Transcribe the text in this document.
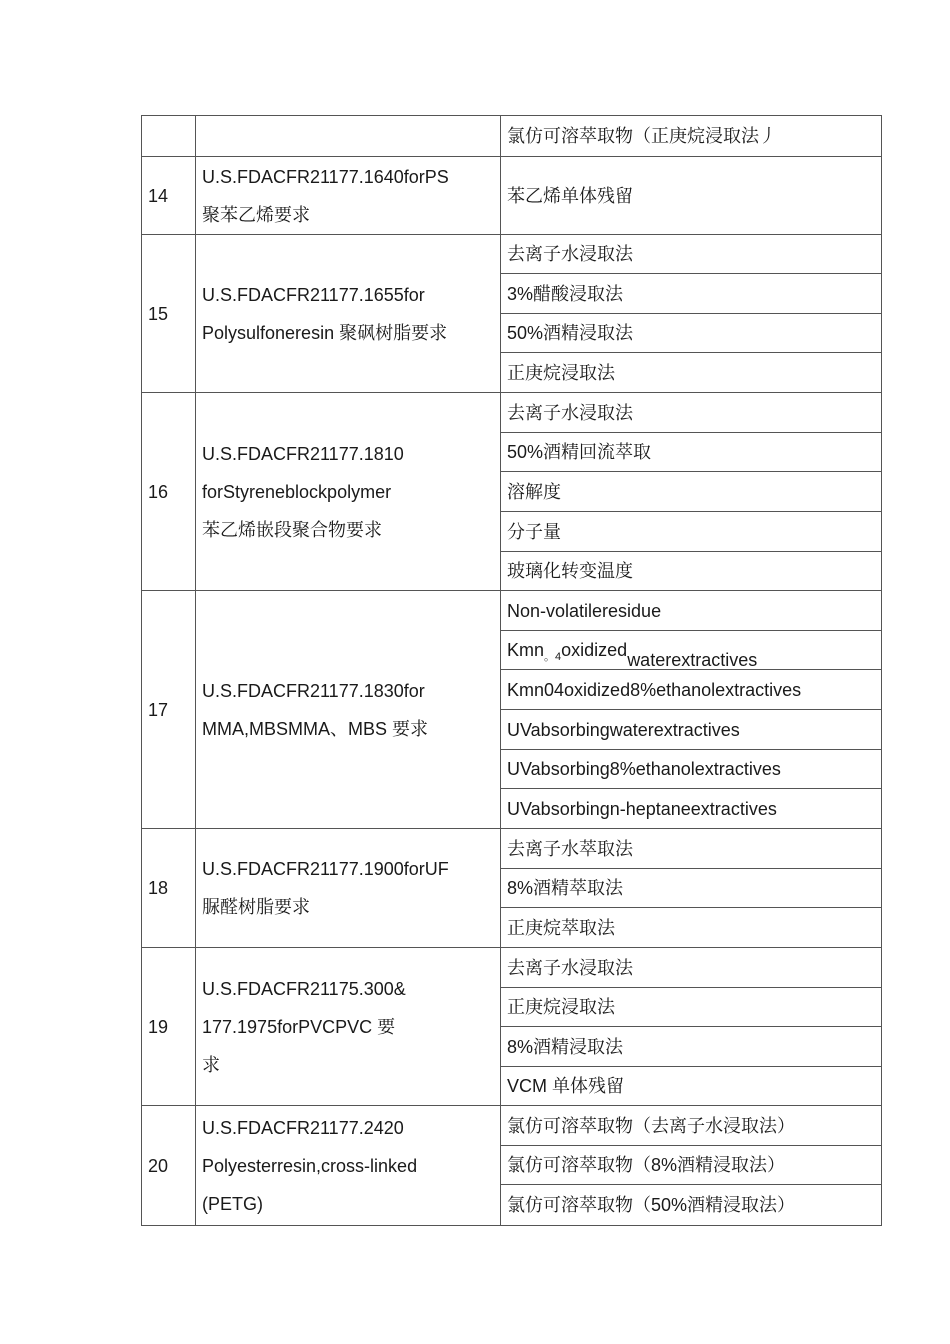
	氯仿可溶萃取物（正庚烷浸取法丿
14	U.S.FDACFR21177.1640forPS
聚苯乙烯要求	苯乙烯单体残留
15	U.S.FDACFR21177.1655for
Polysulfoneresin 聚砜树脂要求	去离子水浸取法
		3%醋酸浸取法
		50%酒精浸取法
		正庚烷浸取法
16	U.S.FDACFR21177.1810
forStyreneblockpolymer
苯乙烯嵌段聚合物要求	去离子水浸取法
		50%酒精回流萃取
		溶解度
		分子量
		玻璃化转变温度
17	U.S.FDACFR21177.1830for
MMA,MBSMMA、MBS 要求	Non-volatileresidue
		Kmn$_{。4}$oxidizedwaterextractives
		Kmn04oxidized8%ethanolextractives
		UVabsorbingwaterextractives
		UVabsorbing8%ethanolextractives
		UVabsorbingn-heptaneextractives
18	U.S.FDACFR21177.1900forUF
脲醛树脂要求	去离子水萃取法
		8%酒精萃取法
		正庚烷萃取法
19	U.S.FDACFR21175.300&
177.1975forPVCPVC 要
求	去离子水浸取法
		正庚烷浸取法
		8%酒精浸取法
		VCM 单体残留
20	U.S.FDACFR21177.2420
Polyesterresin,cross-linked
(PETG)	氯仿可溶萃取物（去离子水浸取法）
		氯仿可溶萃取物（8%酒精浸取法）
		氯仿可溶萃取物（50%酒精浸取法）
